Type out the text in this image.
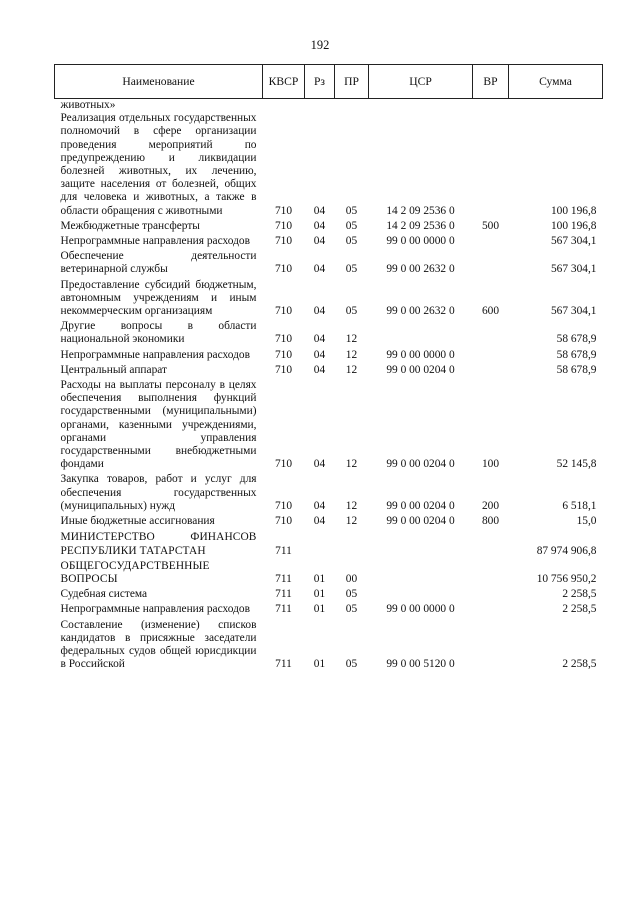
192
Наименование	КВСР	Рз	ПР	ЦСР	ВР	Сумма
животных»						
Реализация отдельных государственных полномочий в сфере организации проведения мероприятий по предупреждению и ликвидации болезней животных, их лечению, защите населения от болезней, общих для человека и животных, а также в области обращения с животными	710	04	05	14 2 09 2536 0		100 196,8
Межбюджетные трансферты	710	04	05	14 2 09 2536 0	500	100 196,8
Непрограммные направления расходов	710	04	05	99 0 00 0000 0		567 304,1
Обеспечение деятельности ветеринарной службы	710	04	05	99 0 00 2632 0		567 304,1
Предоставление субсидий бюджетным, автономным учреждениям и иным некоммерческим организациям	710	04	05	99 0 00 2632 0	600	567 304,1
Другие вопросы в области национальной экономики	710	04	12			58 678,9
Непрограммные направления расходов	710	04	12	99 0 00 0000 0		58 678,9
Центральный аппарат	710	04	12	99 0 00 0204 0		58 678,9
Расходы на выплаты персоналу в целях обеспечения выполнения функций государственными (муниципальными) органами, казенными учреждениями, органами управления государственными внебюджетными фондами	710	04	12	99 0 00 0204 0	100	52 145,8
Закупка товаров, работ и услуг для обеспечения государственных (муниципальных) нужд	710	04	12	99 0 00 0204 0	200	6 518,1
Иные бюджетные ассигнования	710	04	12	99 0 00 0204 0	800	15,0
МИНИСТЕРСТВО ФИНАНСОВ РЕСПУБЛИКИ ТАТАРСТАН	711					87 974 906,8
ОБЩЕГОСУДАРСТВЕННЫЕ ВОПРОСЫ	711	01	00			10 756 950,2
Судебная система	711	01	05			2 258,5
Непрограммные направления расходов	711	01	05	99 0 00 0000 0		2 258,5
Составление (изменение) списков кандидатов в присяжные заседатели федеральных судов общей юрисдикции в Российской	711	01	05	99 0 00 5120 0		2 258,5
